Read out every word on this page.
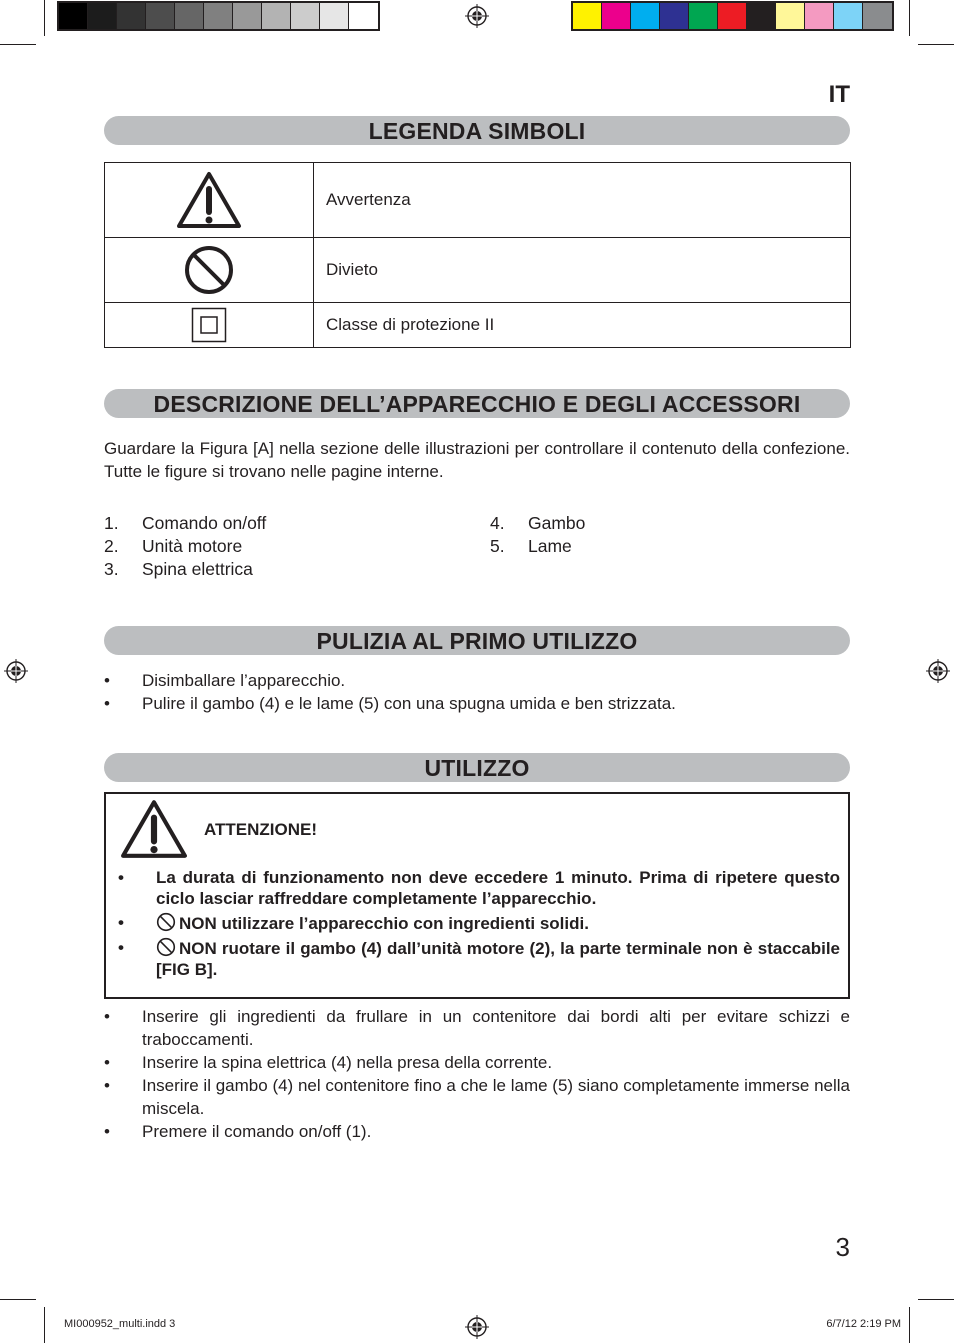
IT
LEGENDA SIMBOLI
	Avvertenza

	Divieto

	Classe di protezione II
DESCRIZIONE DELL’APPARECCHIO E DEGLI ACCESSORI
Guardare la Figura [A] nella sezione delle illustrazioni per controllare il contenuto della confezione. Tutte le figure si trovano nelle pagine interne.
1. Comando on/off
2. Unità motore
3. Spina elettrica
4. Gambo
5. Lame
PULIZIA AL PRIMO UTILIZZO
• Disimballare l’apparecchio.
• Pulire il gambo (4) e le lame (5) con una spugna umida e ben strizzata.
UTILIZZO
ATTENZIONE!
• La durata di funzionamento non deve eccedere 1 minuto. Prima di ripetere questo ciclo lasciar raffreddare completamente l’apparecchio.
•	NON utilizzare l’apparecchio con ingredienti solidi.
•	NON ruotare il gambo (4) dall’unità motore (2), la parte terminale non è staccabile [FIG B].
• Inserire gli ingredienti da frullare in un contenitore dai bordi alti per evitare schizzi e traboccamenti.
• Inserire la spina elettrica (4) nella presa della corrente.
• Inserire il gambo (4) nel contenitore fino a che le lame (5) siano completamente immerse nella miscela.
• Premere il comando on/off (1).
3
MI000952_multi.indd 3	6/7/12 2:19 PM
